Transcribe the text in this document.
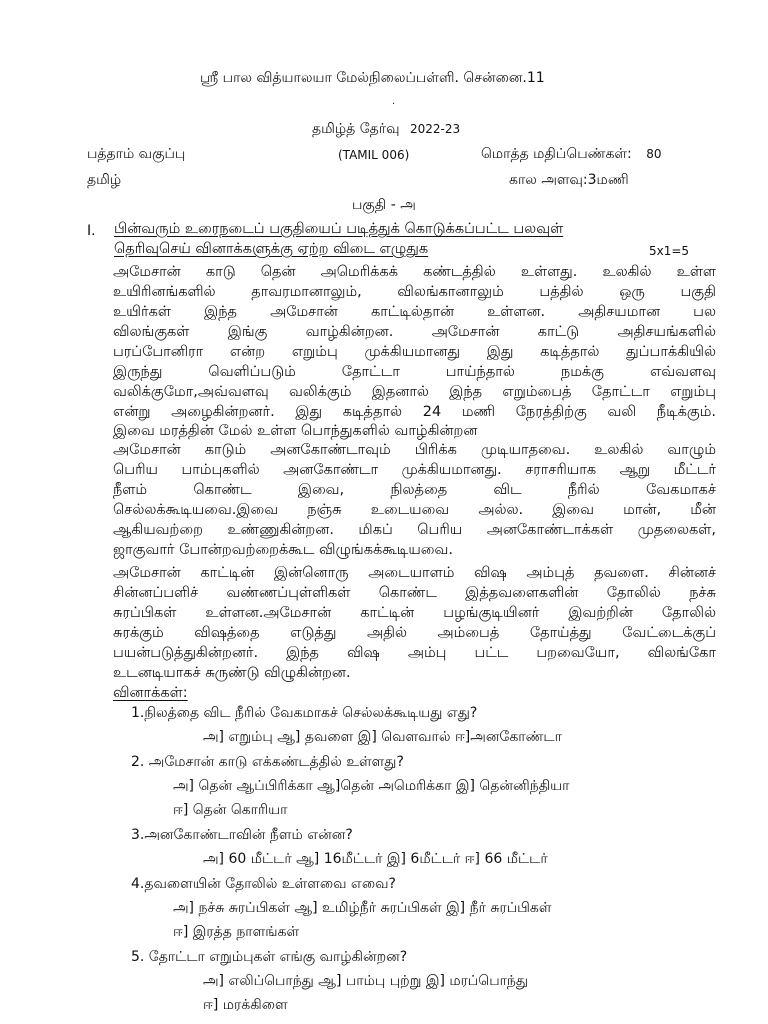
ஸ்ரீ பால வித்யாலயா மேல்நிலைப்பள்ளி. சென்னை.11
.
தமிழ்த் தேர்வு 2022-23
பத்தாம் வகுப்பு	(TAMIL 006)	மொத்த மதிப்பெண்கள்: 80
தமிழ்	கால அளவு:3மணி
பகுதி - அ
I. பின்வரும் உரைநடைப் பகுதியைப் படித்துக் கொடுக்கப்பட்ட பலவுள்
தெரிவுசெய் வினாக்களுக்கு ஏற்ற விடை எழுதுக	5x1=5
அமேசான் காடு தென் அமெரிக்கக் கண்டத்தில் உள்ளது. உலகில் உள்ள
உயிரினங்களில் தாவரமானாலும், விலங்கானாலும் பத்தில் ஒரு பகுதி
உயிர்கள் இந்த அமேசான் காட்டில்தான் உள்ளன. அதிசயமான பல
விலங்குகள் இங்கு வாழ்கின்றன. அமேசான் காட்டு அதிசயங்களில்
பரப்போனிரா என்ற எறும்பு முக்கியமானது இது கடித்தால் துப்பாக்கியில்
இருந்து வெளிப்படும் தோட்டா பாய்ந்தால் நமக்கு எவ்வளவு
வலிக்குமோ,அவ்வளவு வலிக்கும் இதனால் இந்த எறும்பைத் தோட்டா எறும்பு
என்று அழைகின்றனர். இது கடித்தால் 24 மணி நேரத்திற்கு வலி நீடிக்கும்.
இவை மரத்தின் மேல் உள்ள பொந்துகளில் வாழ்கின்றன
அமேசான் காடும் அனகோண்டாவும் பிரிக்க முடியாதவை. உலகில் வாழும்
பெரிய பாம்புகளில் அனகோண்டா முக்கியமானது. சராசரியாக ஆறு மீட்டர்
நீளம் கொண்ட இவை, நிலத்தை விட நீரில் வேகமாகச்
செல்லக்கூடியவை.இவை நஞ்சு உடையவை அல்ல. இவை மான், மீன்
ஆகியவற்றை உண்ணுகின்றன. மிகப் பெரிய அனகோண்டாக்கள் முதலைகள்,
ஜாகுவார் போன்றவற்றைக்கூட விழுங்கக்கூடியவை.
அமேசான் காட்டின் இன்னொரு அடையாளம் விஷ அம்புத் தவளை. சின்னச்
சின்னப்பளிச் வண்ணப்புள்ளிகள் கொண்ட இத்தவளைகளின் தோலில் நச்சு
சுரப்பிகள் உள்ளன.அமேசான் காட்டின் பழங்குடியினர் இவற்றின் தோலில்
சுரக்கும் விஷத்தை எடுத்து அதில் அம்பைத் தோய்த்து வேட்டைக்குப்
பயன்படுத்துகின்றனர். இந்த விஷ அம்பு பட்ட பறவையோ, விலங்கோ
உடனடியாகச் சுருண்டு விழுகின்றன.
வினாக்கள்:
1.நிலத்தை விட நீரில் வேகமாகச் செல்லக்கூடியது எது?
அ] எறும்பு ஆ] தவளை இ] வெளவால் ஈ]அனகோண்டா
2. அமேசான் காடு எக்கண்டத்தில் உள்ளது?
அ] தென் ஆப்பிரிக்கா ஆ]தென் அமெரிக்கா இ] தென்னிந்தியா
ஈ] தென் கொரியா
3.அனகோண்டாவின் நீளம் என்ன?
அ] 60 மீட்டர் ஆ] 16மீட்டர் இ] 6மீட்டர் ஈ] 66 மீட்டர்
4.தவளையின் தோலில் உள்ளவை எவை?
அ] நச்சு சுரப்பிகள் ஆ] உமிழ்நீர் சுரப்பிகள் இ] நீர் சுரப்பிகள்
ஈ] இரத்த நாளங்கள்
5. தோட்டா எறும்புகள் எங்கு வாழ்கின்றன?
அ] எலிப்பொந்து ஆ] பாம்பு புற்று இ] மரப்பொந்து
ஈ] மரக்கிளை
